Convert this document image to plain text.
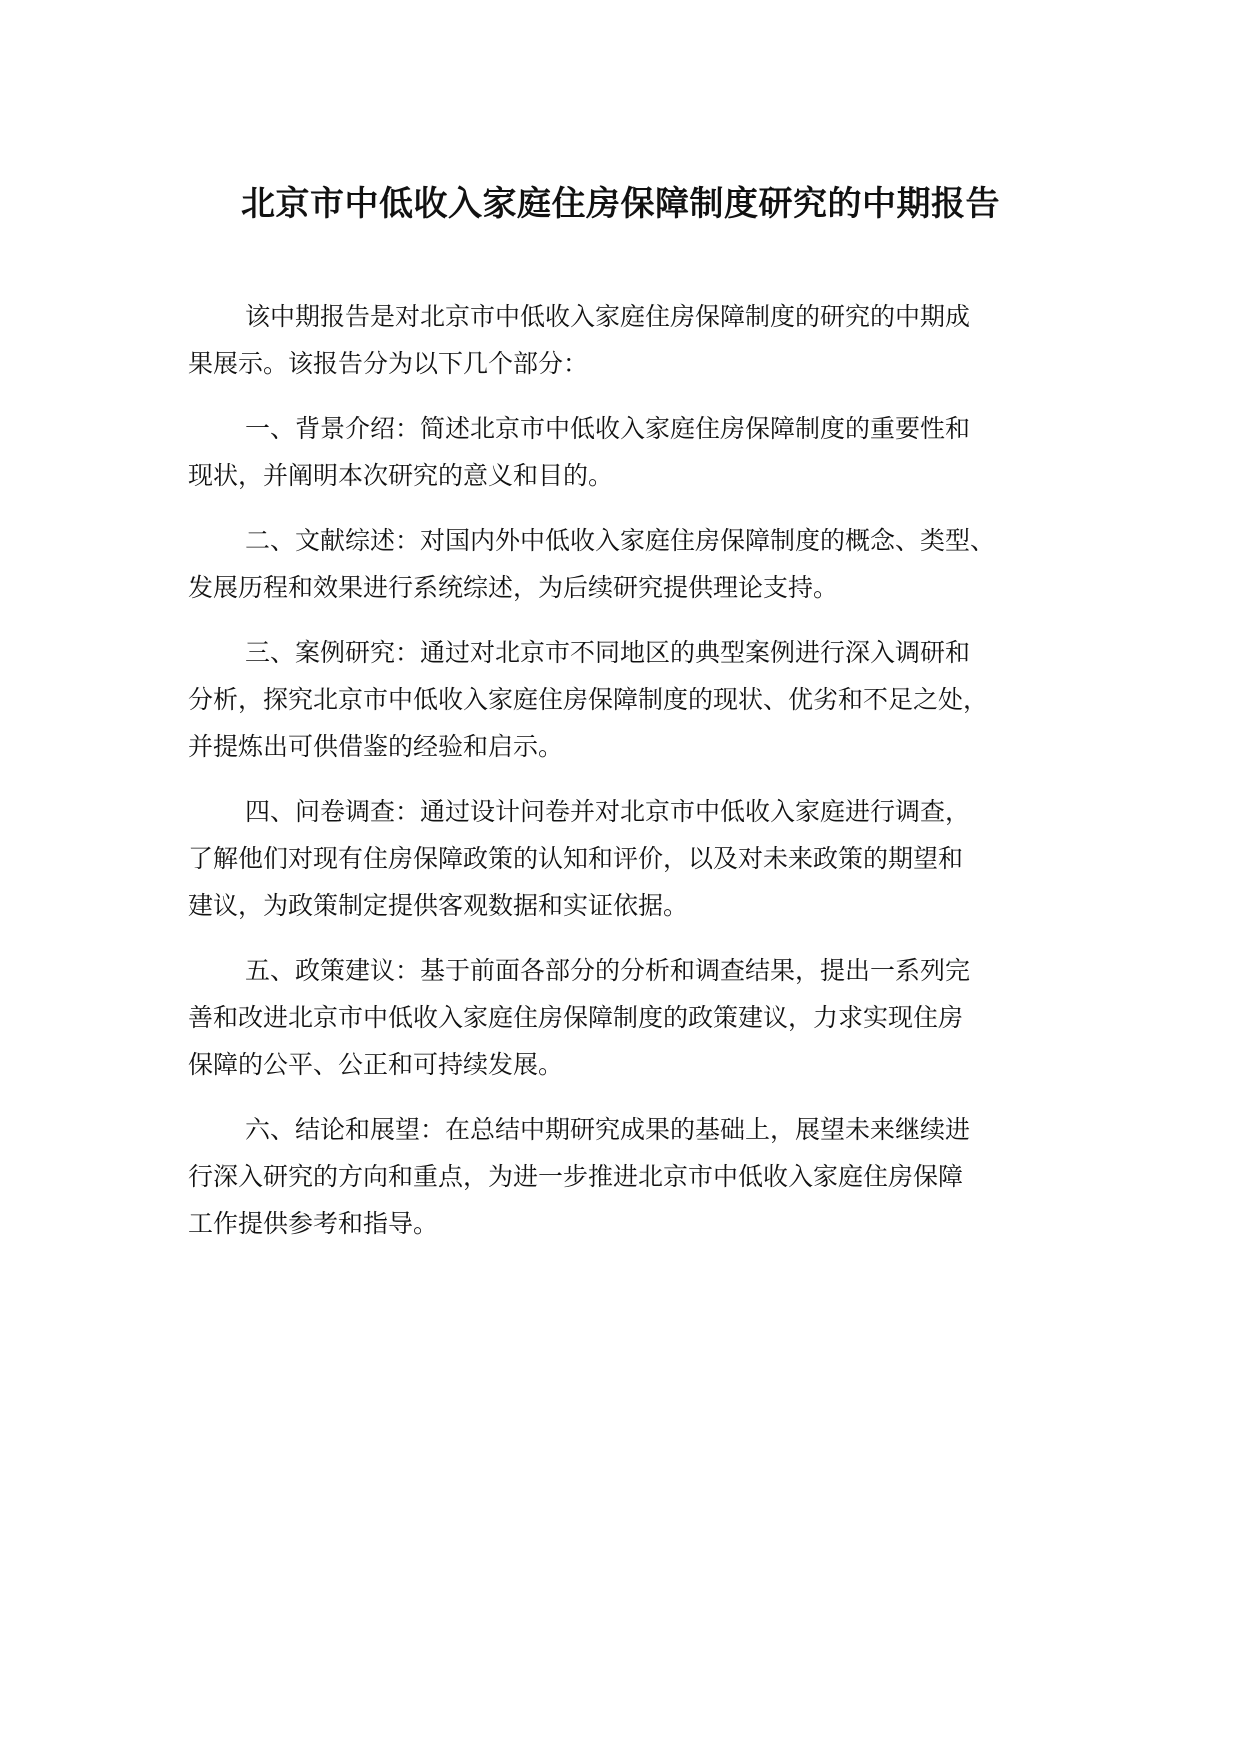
北京市中低收入家庭住房保障制度研究的中期报告
该中期报告是对北京市中低收入家庭住房保障制度的研究的中期成
果展示。该报告分为以下几个部分：
一、背景介绍：简述北京市中低收入家庭住房保障制度的重要性和
现状，并阐明本次研究的意义和目的。
二、文献综述：对国内外中低收入家庭住房保障制度的概念、类型、
发展历程和效果进行系统综述，为后续研究提供理论支持。
三、案例研究：通过对北京市不同地区的典型案例进行深入调研和
分析，探究北京市中低收入家庭住房保障制度的现状、优劣和不足之处，
并提炼出可供借鉴的经验和启示。
四、问卷调查：通过设计问卷并对北京市中低收入家庭进行调查，
了解他们对现有住房保障政策的认知和评价，以及对未来政策的期望和
建议，为政策制定提供客观数据和实证依据。
五、政策建议：基于前面各部分的分析和调查结果，提出一系列完
善和改进北京市中低收入家庭住房保障制度的政策建议，力求实现住房
保障的公平、公正和可持续发展。
六、结论和展望：在总结中期研究成果的基础上，展望未来继续进
行深入研究的方向和重点，为进一步推进北京市中低收入家庭住房保障
工作提供参考和指导。
